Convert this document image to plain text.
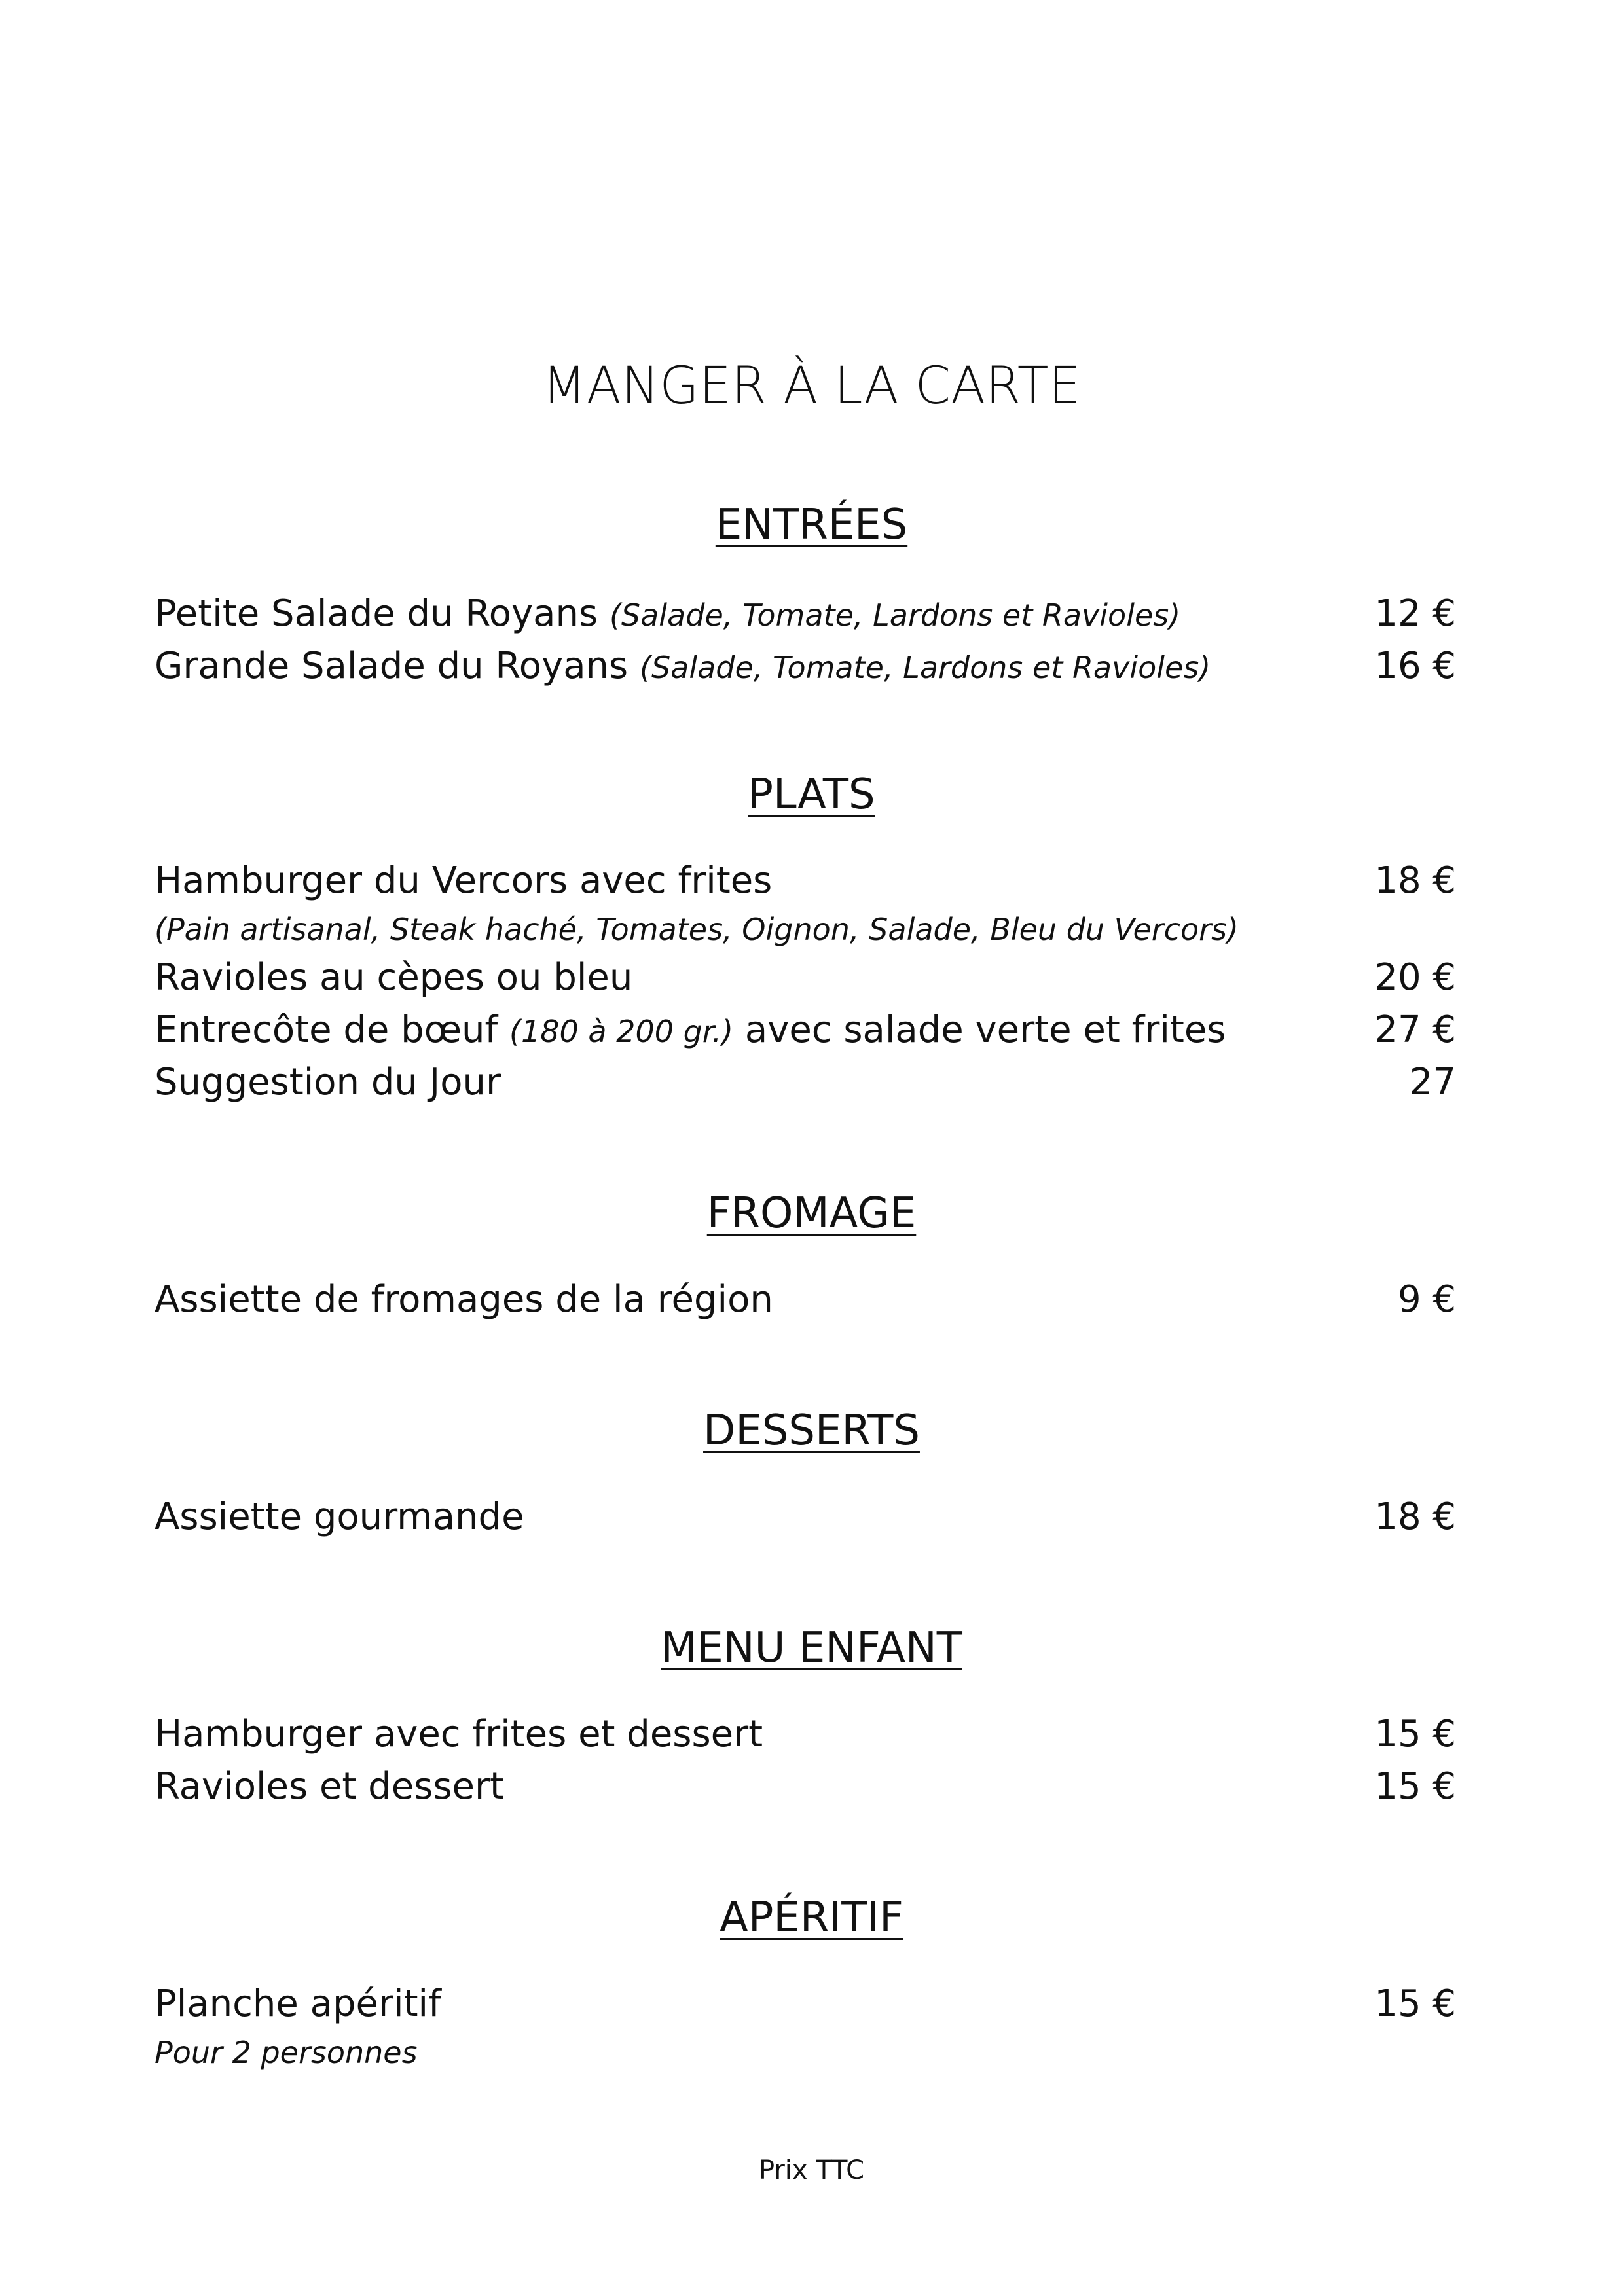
MANGER À LA CARTE
ENTRÉES
Petite Salade du Royans (Salade, Tomate, Lardons et Ravioles)	12 €
Grande Salade du Royans (Salade, Tomate, Lardons et Ravioles)	16 €
PLATS
Hamburger du Vercors avec frites	18 €
(Pain artisanal, Steak haché, Tomates, Oignon, Salade, Bleu du Vercors)
Ravioles au cèpes ou bleu	20 €
Entrecôte de bœuf (180 à 200 gr.) avec salade verte et frites	27 €
Suggestion du Jour	27
FROMAGE
Assiette de fromages de la région	9 €
DESSERTS
Assiette gourmande	18 €
MENU ENFANT
Hamburger avec frites et dessert	15 €
Ravioles et dessert	15 €
APÉRITIF
Planche apéritif	15 €
Pour 2 personnes
Prix TTC
